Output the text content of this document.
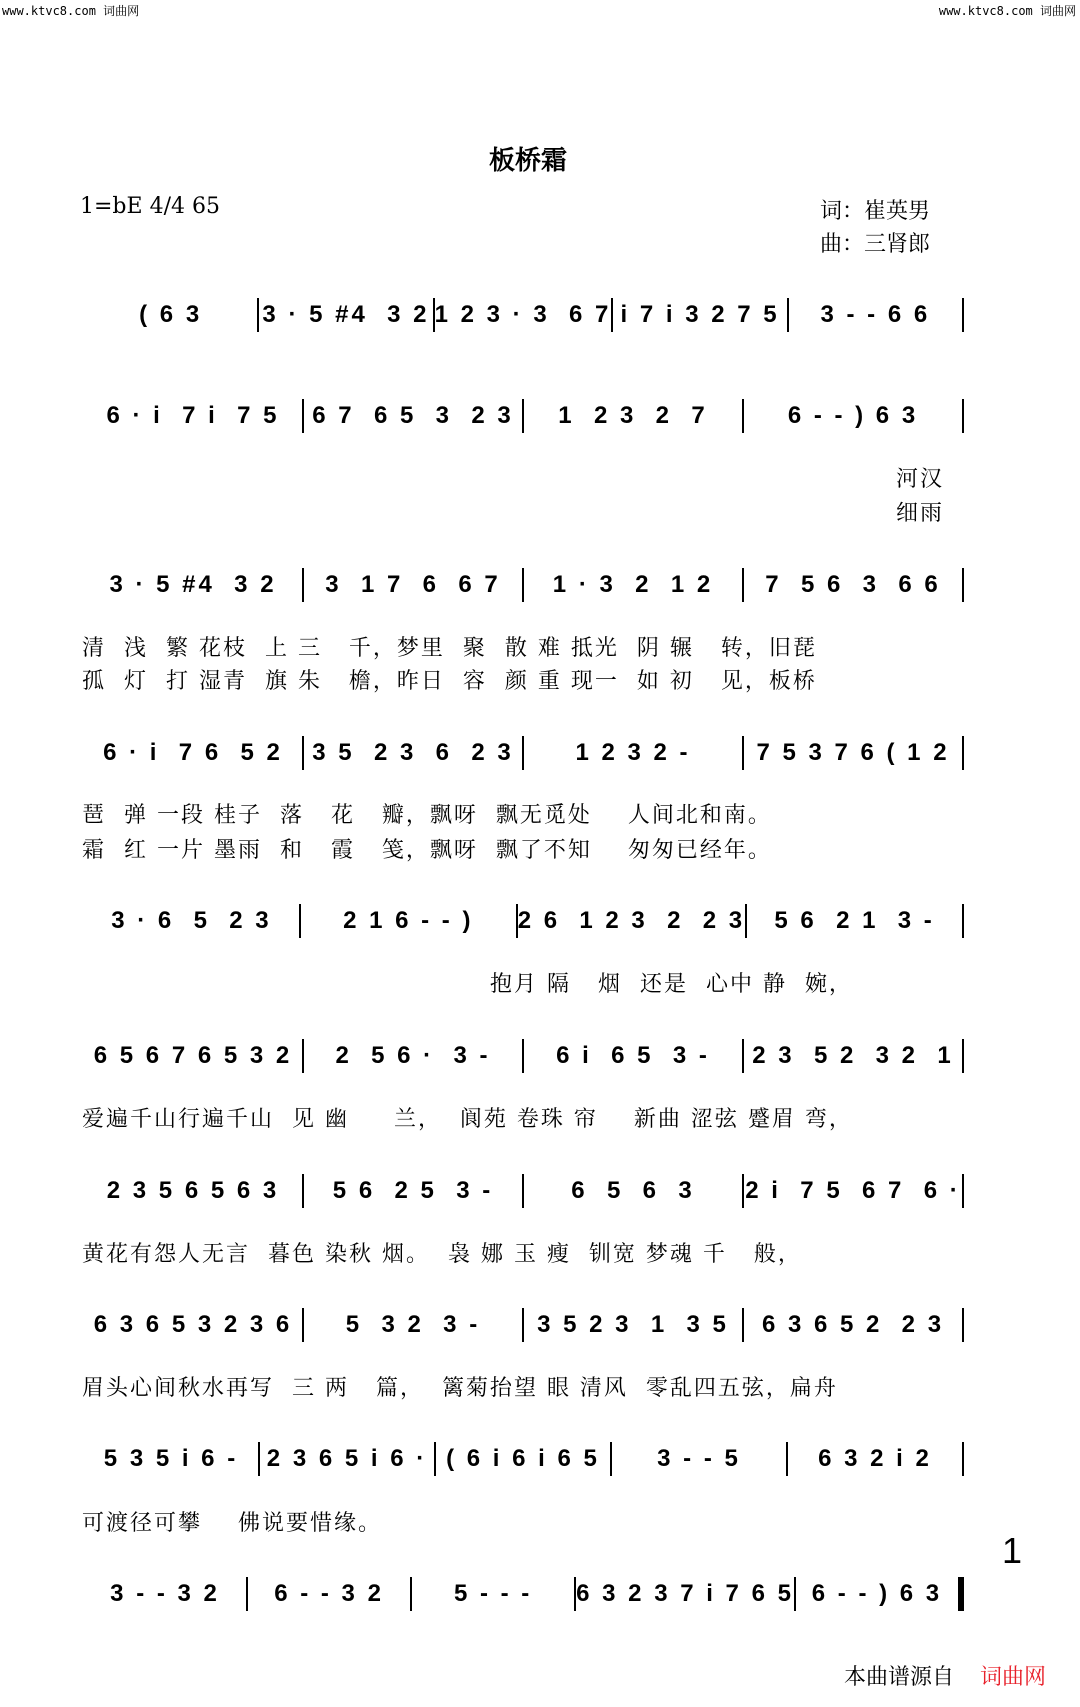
www.ktvc8.com 词曲网	www.ktvc8.com 词曲网
板桥霜
1=bE 4/4 65	词：崔英男
曲：三肾郎
( 6 3	3 · 5 #4  3 2 1 2 3 · 3  6 7 i 7 i 3 2 7 5	3 - - 6 6
6 · i  7 i  7 5	6 7  6 5  3  2 3	1  2 3  2  7	6 - - ) 6 3
3 · 5 #4  3 2	3  1 7  6  6 7	1 · 3  2  1 2	7  5 6  3  6 6
6 · i  7 6  5 2	3 5  2 3  6  2 3	1 2 3 2 -	7 5 3 7 6 ( 1 2
3 · 6  5  2 3	2 1 6 - - )	2 6  1 2 3  2  2 3	5 6  2 1  3 -
6 5 6 7 6 5 3 2	2  5 6 ·  3 -	6 i  6 5  3 -	2 3  5 2  3 2  1
2 3 5 6 5 6 3	5 6  2 5  3 -	6  5  6  3	2 i  7 5  6 7  6 ·
6 3 6 5 3 2 3 6	5  3 2  3 -	3 5 2 3  1  3 5	6 3 6 5 2  2 3
5 3 5 i 6 -	2 3 6 5 i 6 · ( 6 i 6 i 6 5	3 - - 5	6 3 2 i 2
3 - - 3 2	6 - - 3 2	5 - - -	6 3 2 3 7 i 7 6 5 6 - - ) 6 3
河汉
细雨
清  浅  繁 花枝  上 三   千，梦里  聚  散 难 抵光  阴 辗   转，旧琵
孤  灯  打 湿青  旗 朱   檐，昨日  容  颜 重 现一  如 初   见，板桥
琶  弹 一段 桂子  落   花   瓣，飘呀  飘无觅处    人间北和南。
霜  红 一片 墨雨  和   霞   笺，飘呀  飘了不知    匆匆已经年。
抱月 隔   烟  还是  心中 静  婉，
爱遍千山行遍千山  见 幽     兰，  阆苑 卷珠 帘    新曲 涩弦 蹙眉 弯，
黄花有怨人无言  暮色 染秋 烟。  袅 娜 玉 瘦  钏宽 梦魂 千   般，
眉头心间秋水再写  三 两   篇，  篱菊抬望 眼 清风  零乱四五弦，扁舟
可渡径可攀    佛说要惜缘。
1
本曲谱源自 词曲网
